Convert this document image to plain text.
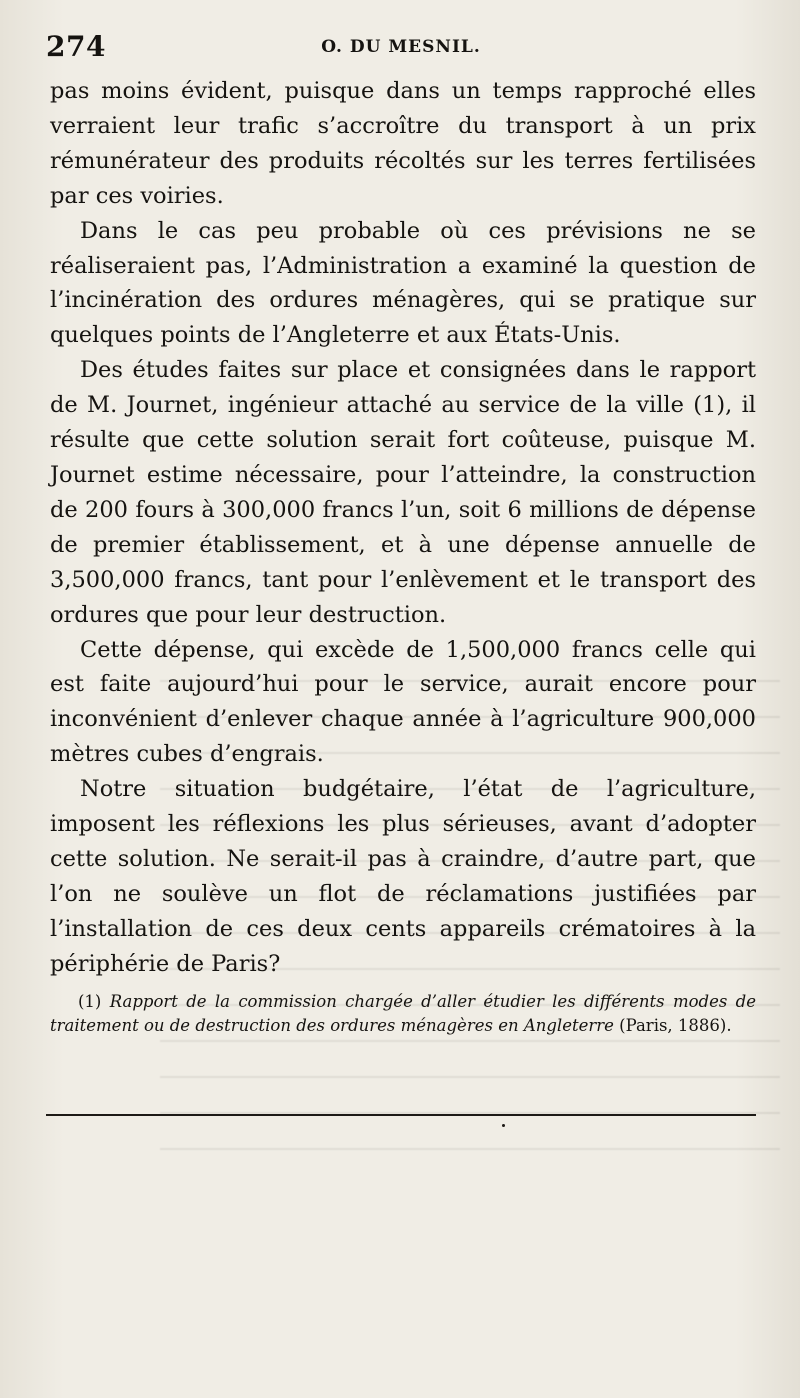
274	O. DU MESNIL.

pas moins évident, puisque dans un temps rapproché elles verraient leur trafic s’accroître du transport à un prix rémunérateur des produits récoltés sur les terres fertilisées par ces voiries.

Dans le cas peu probable où ces prévisions ne se réaliseraient pas, l’Administration a examiné la question de l’incinération des ordures ménagères, qui se pratique sur quelques points de l’Angleterre et aux États-Unis.

Des études faites sur place et consignées dans le rapport de M. Journet, ingénieur attaché au service de la ville (1), il résulte que cette solution serait fort coûteuse, puisque M. Journet estime nécessaire, pour l’atteindre, la construction de 200 fours à 300,000 francs l’un, soit 6 millions de dépense de premier établissement, et à une dépense annuelle de 3,500,000 francs, tant pour l’enlèvement et le transport des ordures que pour leur destruction.

Cette dépense, qui excède de 1,500,000 francs celle qui est faite aujourd’hui pour le service, aurait encore pour inconvénient d’enlever chaque année à l’agriculture 900,000 mètres cubes d’engrais.

Notre situation budgétaire, l’état de l’agriculture, imposent les réflexions les plus sérieuses, avant d’adopter cette solution. Ne serait-il pas à craindre, d’autre part, que l’on ne soulève un flot de réclamations justifiées par l’installation de ces deux cents appareils crématoires à la périphérie de Paris?

(1) Rapport de la commission chargée d’aller étudier les différents modes de traitement ou de destruction des ordures ménagères en Angleterre (Paris, 1886).
